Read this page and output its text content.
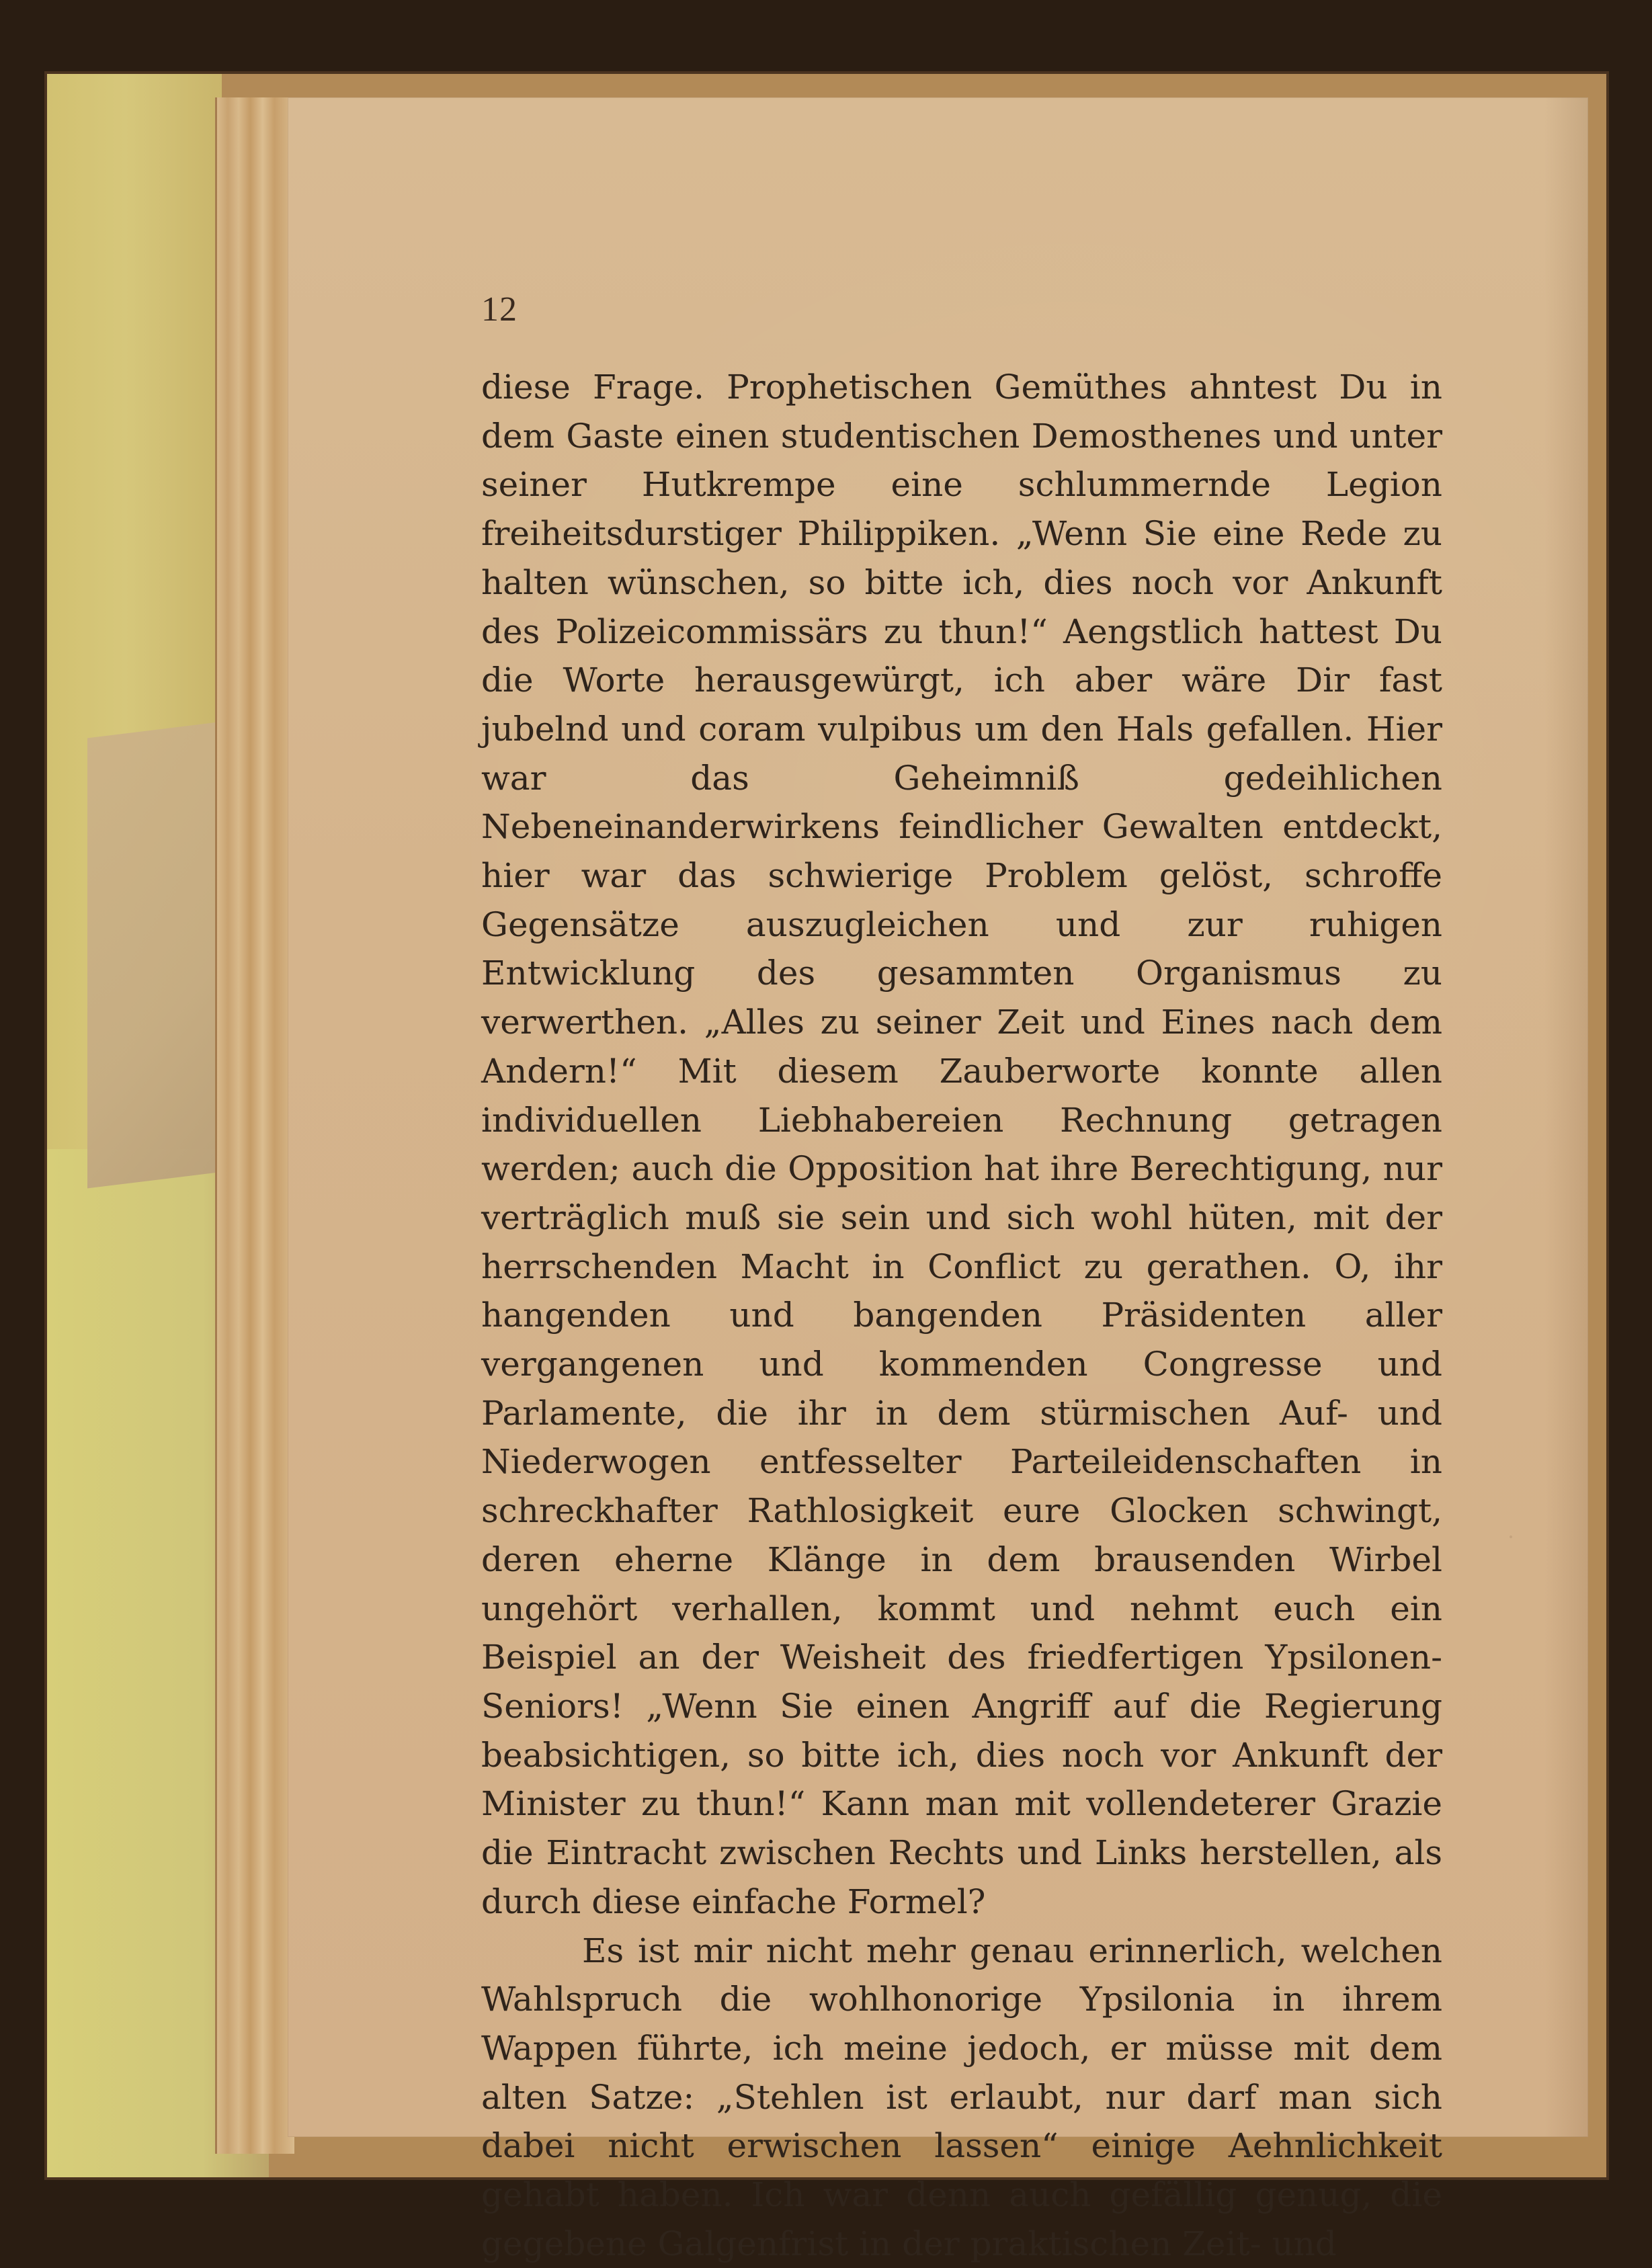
12

diese Frage. Prophetischen Gemüthes ahntest Du in dem Gaste einen studentischen Demosthenes und unter seiner Hutkrempe eine schlummernde Legion freiheitsdurstiger Philippiken. „Wenn Sie eine Rede zu halten wünschen, so bitte ich, dies noch vor Ankunft des Polizeicommissärs zu thun!“ Aengstlich hattest Du die Worte herausgewürgt, ich aber wäre Dir fast jubelnd und coram vulpibus um den Hals gefallen. Hier war das Geheimniß gedeihlichen Nebeneinanderwirkens feindlicher Gewalten entdeckt, hier war das schwierige Problem gelöst, schroffe Gegensätze auszugleichen und zur ruhigen Entwicklung des gesammten Organismus zu verwerthen. „Alles zu seiner Zeit und Eines nach dem Andern!“ Mit diesem Zauberworte konnte allen individuellen Liebhabereien Rechnung getragen werden; auch die Opposition hat ihre Berechtigung, nur verträglich muß sie sein und sich wohl hüten, mit der herrschenden Macht in Conflict zu gerathen. O, ihr hangenden und bangenden Präsidenten aller vergangenen und kommenden Congresse und Parlamente, die ihr in dem stürmischen Auf- und Niederwogen entfesselter Parteileidenschaften in schreckhafter Rathlosigkeit eure Glocken schwingt, deren eherne Klänge in dem brausenden Wirbel ungehört verhallen, kommt und nehmt euch ein Beispiel an der Weisheit des friedfertigen Ypsilonen-Seniors! „Wenn Sie einen Angriff auf die Regierung beabsichtigen, so bitte ich, dies noch vor Ankunft der Minister zu thun!“ Kann man mit vollendeterer Grazie die Eintracht zwischen Rechts und Links herstellen, als durch diese einfache Formel?

Es ist mir nicht mehr genau erinnerlich, welchen Wahlspruch die wohlhonorige Ypsilonia in ihrem Wappen führte, ich meine jedoch, er müsse mit dem alten Satze: „Stehlen ist erlaubt, nur darf man sich dabei nicht erwischen lassen“ einige Aehnlichkeit gehabt haben. Ich war denn auch gefällig genug, die gegebene Galgenfrist in der praktischen Zeit- und
